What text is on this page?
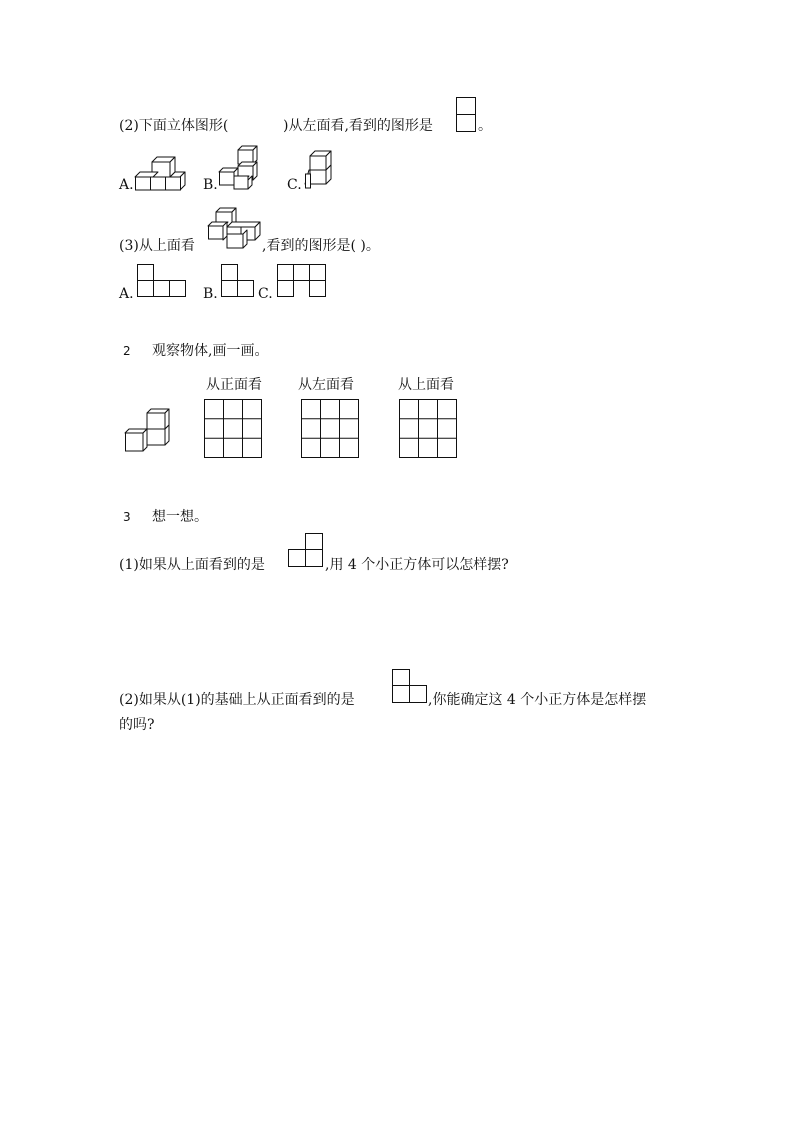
(2)下面立体图形(	)从左面看,看到的图形是	。
A.	B.	C.
(3)从上面看	,看到的图形是( )。
A.	B.	C.
2 观察物体,画一画。
从正面看	从左面看	从上面看
3 想一想。
(1)如果从上面看到的是	,用 4 个小正方体可以怎样摆?
(2)如果从(1)的基础上从正面看到的是	,你能确定这 4 个小正方体是怎样摆
的吗?
